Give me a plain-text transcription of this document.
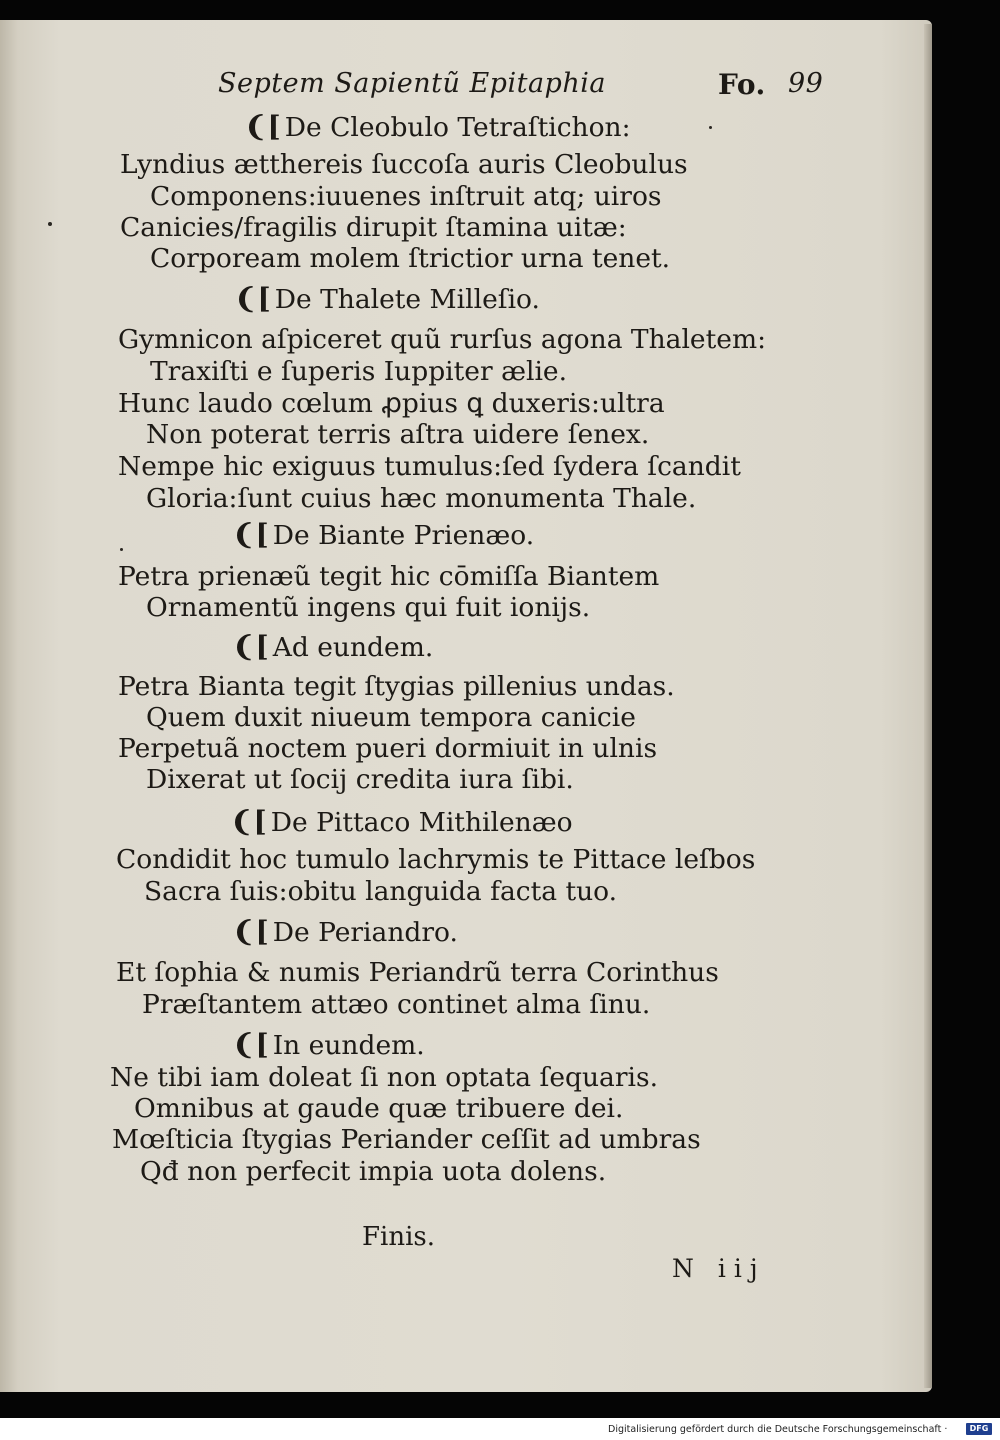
Septem Sapientũ Epitaphia	Fo. 99
❨[ De Cleobulo Tetraſtichon:
Lyndius ætthereis ſuccoſa auris Cleobulus
Componens:iuuenes inſtruit atq; uiros
Canicies/fragilis dirupit ſtamina uitæ:
Corpoream molem ſtrictior urna tenet.
❨[ De Thalete Milleſio.
Gymnicon aſpiceret quũ rurſus agona Thaletem:
Traxiſti e ſuperis Iuppiter ælie.
Hunc laudo cœlum ꝓpius ꝗ duxeris:ultra
Non poterat terris aſtra uidere ſenex.
Nempe hic exiguus tumulus:ſed ſydera ſcandit
Gloria:ſunt cuius hæc monumenta Thale.
❨[ De Biante Prienæo.
Petra prienæũ tegit hic cōmiſſa Biantem
Ornamentũ ingens qui fuit ionijs.
❨[ Ad eundem.
Petra Bianta tegit ſtygias pillenius undas.
Quem duxit niueum tempora canicie
Perpetuã noctem pueri dormiuit in ulnis
Dixerat ut ſocij credita iura ſibi.
❨[ De Pittaco Mithilenæo
Condidit hoc tumulo lachrymis te Pittace leſbos
Sacra ſuis:obitu languida facta tuo.
❨[ De Periandro.
Et ſophia & numis Periandrũ terra Corinthus
Præſtantem attæo continet alma ſinu.
❨[ In eundem.
Ne tibi iam doleat ſi non optata ſequaris.
Omnibus at gaude quæ tribuere dei.
Mœſticia ſtygias Periander ceſſit ad umbras
Qđ non perfecit impia uota dolens.
Finis.
N iij
Digitalisierung gefördert durch die Deutsche Forschungsgemeinschaft ·	DFG
